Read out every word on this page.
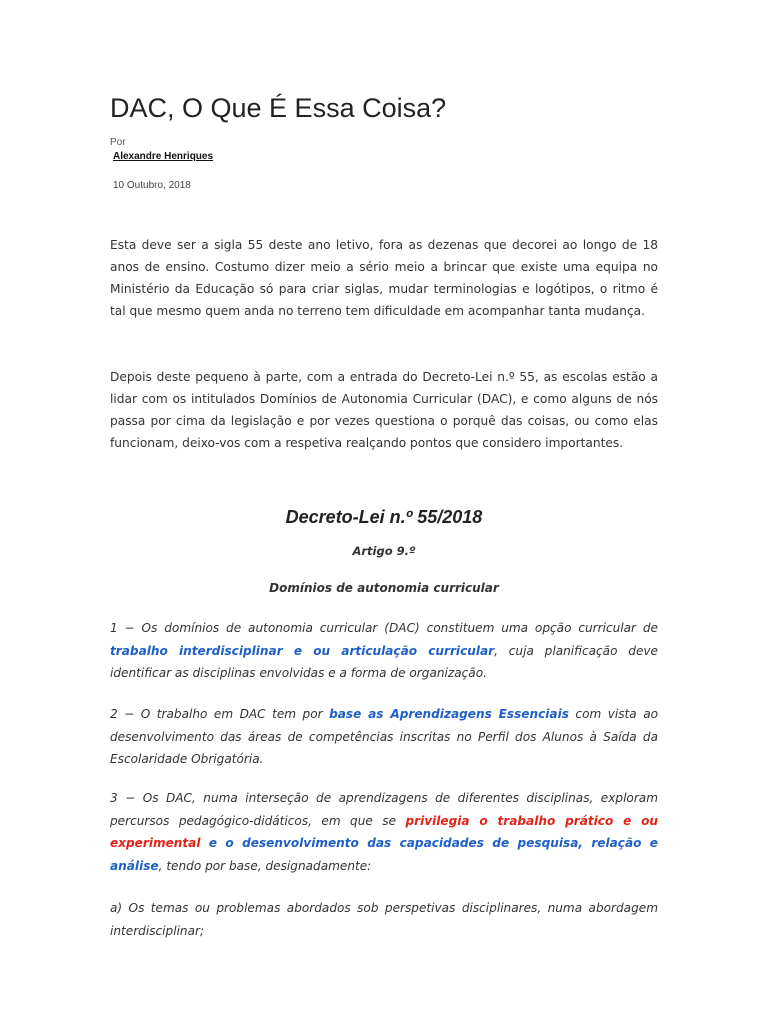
DAC, O Que É Essa Coisa?
Por
Alexandre Henriques
10 Outubro, 2018

Esta deve ser a sigla 55 deste ano letivo, fora as dezenas que decorei ao longo de 18 anos de ensino. Costumo dizer meio a sério meio a brincar que existe uma equipa no Ministério da Educação só para criar siglas, mudar terminologias e logótipos, o ritmo é tal que mesmo quem anda no terreno tem dificuldade em acompanhar tanta mudança.

Depois deste pequeno à parte, com a entrada do Decreto-Lei n.º 55, as escolas estão a lidar com os intitulados Domínios de Autonomia Curricular (DAC), e como alguns de nós passa por cima da legislação e por vezes questiona o porquê das coisas, ou como elas funcionam, deixo-vos com a respetiva realçando pontos que considero importantes.

Decreto-Lei n.º 55/2018
Artigo 9.º
Domínios de autonomia curricular

1 − Os domínios de autonomia curricular (DAC) constituem uma opção curricular de trabalho interdisciplinar e ou articulação curricular, cuja planificação deve identificar as disciplinas envolvidas e a forma de organização.

2 − O trabalho em DAC tem por base as Aprendizagens Essenciais com vista ao desenvolvimento das áreas de competências inscritas no Perfil dos Alunos à Saída da Escolaridade Obrigatória.

3 − Os DAC, numa interseção de aprendizagens de diferentes disciplinas, exploram percursos pedagógico-didáticos, em que se privilegia o trabalho prático e ou experimental e o desenvolvimento das capacidades de pesquisa, relação e análise, tendo por base, designadamente:

a) Os temas ou problemas abordados sob perspetivas disciplinares, numa abordagem interdisciplinar;
